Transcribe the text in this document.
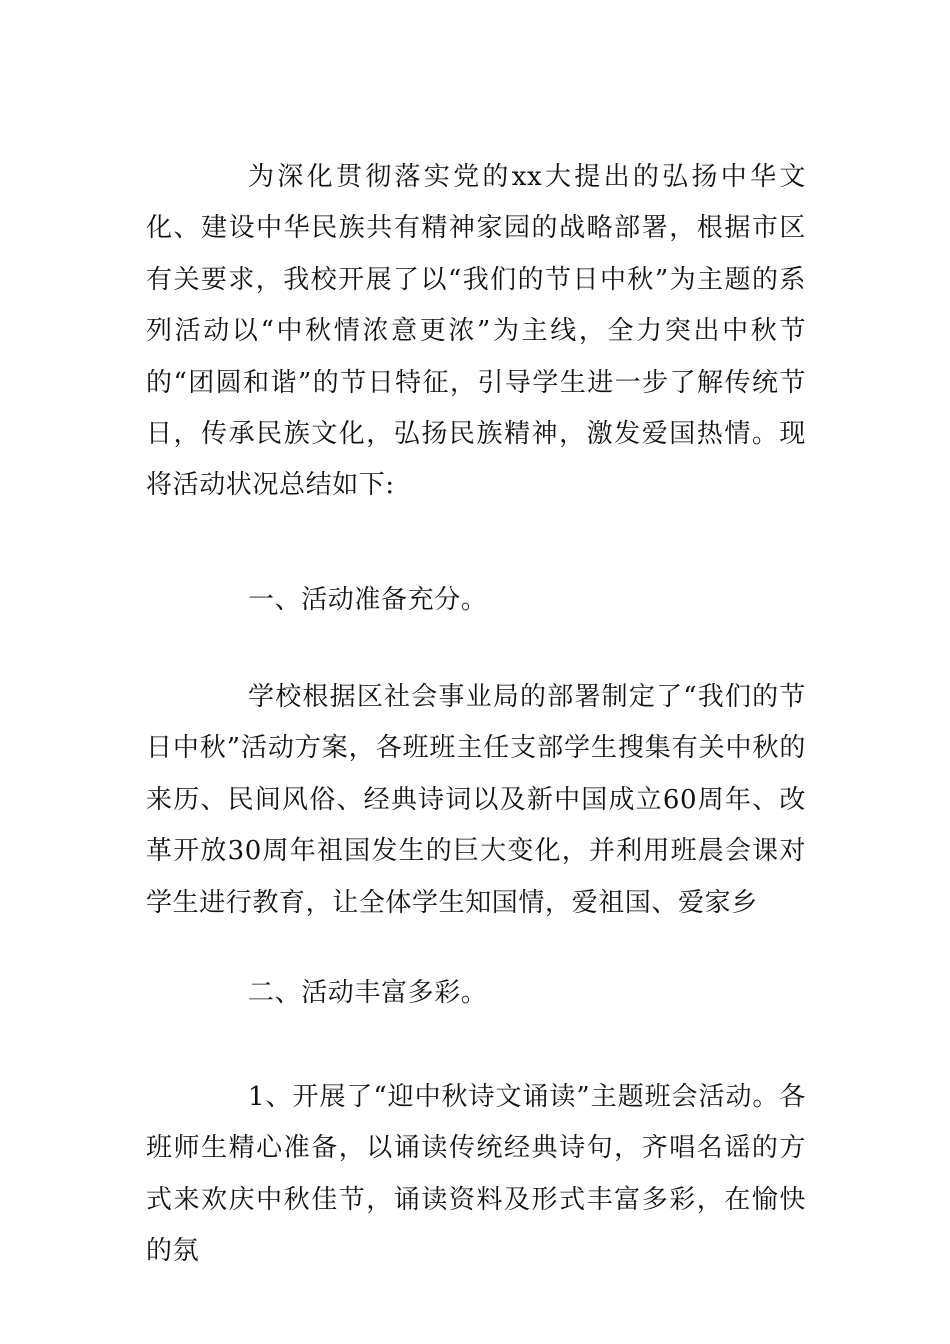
为深化贯彻落实党的xx大提出的弘扬中华文化、建设中华民族共有精神家园的战略部署，根据市区有关要求，我校开展了以“我们的节日中秋”为主题的系列活动以“中秋情浓意更浓”为主线，全力突出中秋节的“团圆和谐”的节日特征，引导学生进一步了解传统节日，传承民族文化，弘扬民族精神，激发爱国热情。现将活动状况总结如下:

一、活动准备充分。

学校根据区社会事业局的部署制定了“我们的节日中秋”活动方案，各班班主任支部学生搜集有关中秋的来历、民间风俗、经典诗词以及新中国成立60周年、改革开放30周年祖国发生的巨大变化，并利用班晨会课对学生进行教育，让全体学生知国情，爱祖国、爱家乡

二、活动丰富多彩。

1、开展了“迎中秋诗文诵读”主题班会活动。各班师生精心准备，以诵读传统经典诗句，齐唱名谣的方式来欢庆中秋佳节，诵读资料及形式丰富多彩，在愉快的氛
